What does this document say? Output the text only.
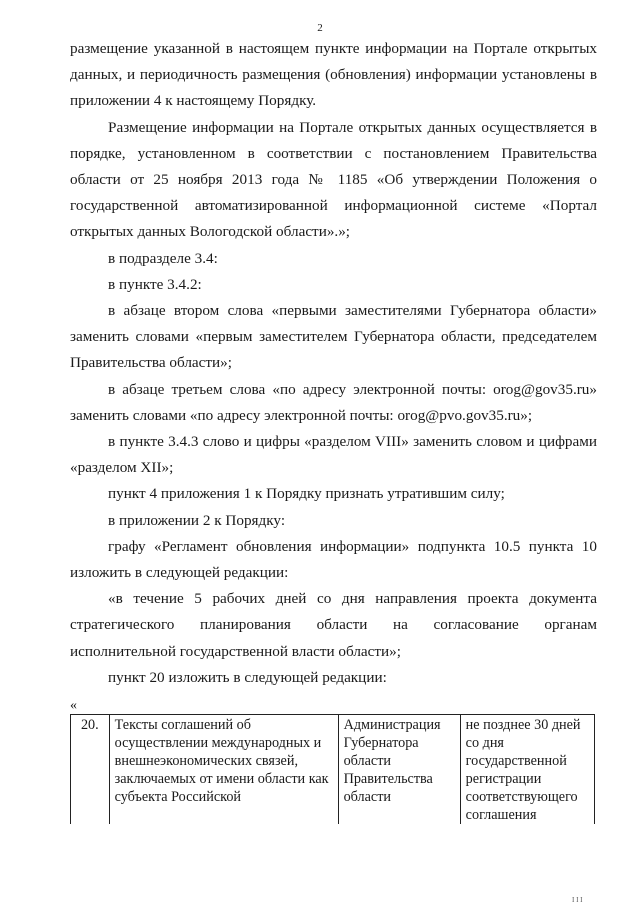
2

размещение указанной в настоящем пункте информации на Портале открытых данных, и периодичность размещения (обновления) информации установлены в приложении 4 к настоящему Порядку.

Размещение информации на Портале открытых данных осуществляется в порядке, установленном в соответствии с постановлением Правительства области от 25 ноября 2013 года № 1185 «Об утверждении Положения о государственной автоматизированной информационной системе «Портал открытых данных Вологодской области».»;

в подразделе 3.4:

в пункте 3.4.2:

в абзаце втором слова «первыми заместителями Губернатора области» заменить словами «первым заместителем Губернатора области, председателем Правительства области»;

в абзаце третьем слова «по адресу электронной почты: orog@gov35.ru» заменить словами «по адресу электронной почты: orog@pvo.gov35.ru»;

в пункте 3.4.3 слово и цифры «разделом VIII» заменить словом и цифрами «разделом XII»;

пункт 4 приложения 1 к Порядку признать утратившим силу;

в приложении 2 к Порядку:

графу «Регламент обновления информации» подпункта 10.5 пункта 10 изложить в следующей редакции:

«в течение 5 рабочих дней со дня направления проекта документа стратегического планирования области на согласование органам исполнительной государственной власти области»;

пункт 20 изложить в следующей редакции:

«
20.	Тексты соглашений об осуществлении международных и внешнеэкономических связей, заключаемых от имени области как субъекта Российской	Администрация Губернатора области Правительства области	не позднее 30 дней со дня государственной регистрации соответствующего соглашения
I I I
